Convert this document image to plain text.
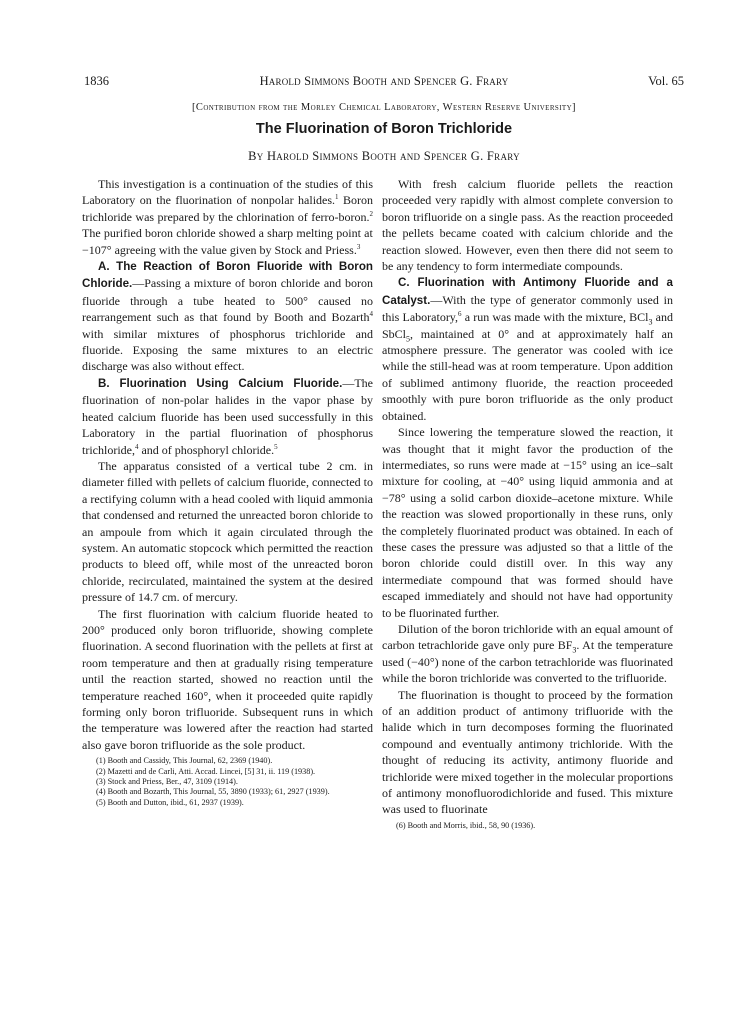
1836	Harold Simmons Booth and Spencer G. Frary	Vol. 65
[Contribution from the Morley Chemical Laboratory, Western Reserve University]
The Fluorination of Boron Trichloride
By Harold Simmons Booth and Spencer G. Frary

This investigation is a continuation of the studies of this Laboratory on the fluorination of nonpolar halides.$^1$ Boron trichloride was prepared by the chlorination of ferro-boron.$^2$ The purified boron chloride showed a sharp melting point at −107° agreeing with the value given by Stock and Priess.$^3$

A. The Reaction of Boron Fluoride with Boron Chloride.—Passing a mixture of boron chloride and boron fluoride through a tube heated to 500° caused no rearrangement such as that found by Booth and Bozarth$^4$ with similar mixtures of phosphorus trichloride and fluoride. Exposing the same mixtures to an electric discharge was also without effect.

B. Fluorination Using Calcium Fluoride.—The fluorination of non-polar halides in the vapor phase by heated calcium fluoride has been used successfully in this Laboratory in the partial fluorination of phosphorus trichloride,$^4$ and of phosphoryl chloride.$^5$

The apparatus consisted of a vertical tube 2 cm. in diameter filled with pellets of calcium fluoride, connected to a rectifying column with a head cooled with liquid ammonia that condensed and returned the unreacted boron chloride to an ampoule from which it again circulated through the system. An automatic stopcock which permitted the reaction products to bleed off, while most of the unreacted boron chloride, recirculated, maintained the system at the desired pressure of 14.7 cm. of mercury.

The first fluorination with calcium fluoride heated to 200° produced only boron trifluoride, showing complete fluorination. A second fluorination with the pellets at first at room temperature and then at gradually rising temperature until the reaction started, showed no reaction until the temperature reached 160°, when it proceeded quite rapidly forming only boron trifluoride. Subsequent runs in which the temperature was lowered after the reaction had started also gave boron trifluoride as the sole product.

(1) Booth and Cassidy, This Journal, 62, 2369 (1940).
(2) Mazetti and de Carli, Atti. Accad. Lincei, [5] 31, ii. 119 (1938).
(3) Stock and Priess, Ber., 47, 3109 (1914).
(4) Booth and Bozarth, This Journal, 55, 3890 (1933); 61, 2927 (1939).
(5) Booth and Dutton, ibid., 61, 2937 (1939).

With fresh calcium fluoride pellets the reaction proceeded very rapidly with almost complete conversion to boron trifluoride on a single pass. As the reaction proceeded the pellets became coated with calcium chloride and the reaction slowed. However, even then there did not seem to be any tendency to form intermediate compounds.

C. Fluorination with Antimony Fluoride and a Catalyst.—With the type of generator commonly used in this Laboratory,$^6$ a run was made with the mixture, BCl$_3$ and SbCl$_5$, maintained at 0° and at approximately half an atmosphere pressure. The generator was cooled with ice while the still-head was at room temperature. Upon addition of sublimed antimony fluoride, the reaction proceeded smoothly with pure boron trifluoride as the only product obtained.

Since lowering the temperature slowed the reaction, it was thought that it might favor the production of the intermediates, so runs were made at −15° using an ice–salt mixture for cooling, at −40° using liquid ammonia and at −78° using a solid carbon dioxide–acetone mixture. While the reaction was slowed proportionally in these runs, only the completely fluorinated product was obtained. In each of these cases the pressure was adjusted so that a little of the boron chloride could distill over. In this way any intermediate compound that was formed should have escaped immediately and should not have had opportunity to be fluorinated further.

Dilution of the boron trichloride with an equal amount of carbon tetrachloride gave only pure $BF_3$. At the temperature used (−40°) none of the carbon tetrachloride was fluorinated while the boron trichloride was converted to the trifluoride.

The fluorination is thought to proceed by the formation of an addition product of antimony trifluoride with the halide which in turn decomposes forming the fluorinated compound and eventually antimony trichloride. With the thought of reducing its activity, antimony fluoride and trichloride were mixed together in the molecular proportions of antimony monofluorodichloride and fused. This mixture was used to fluorinate

(6) Booth and Morris, ibid., 58, 90 (1936).
